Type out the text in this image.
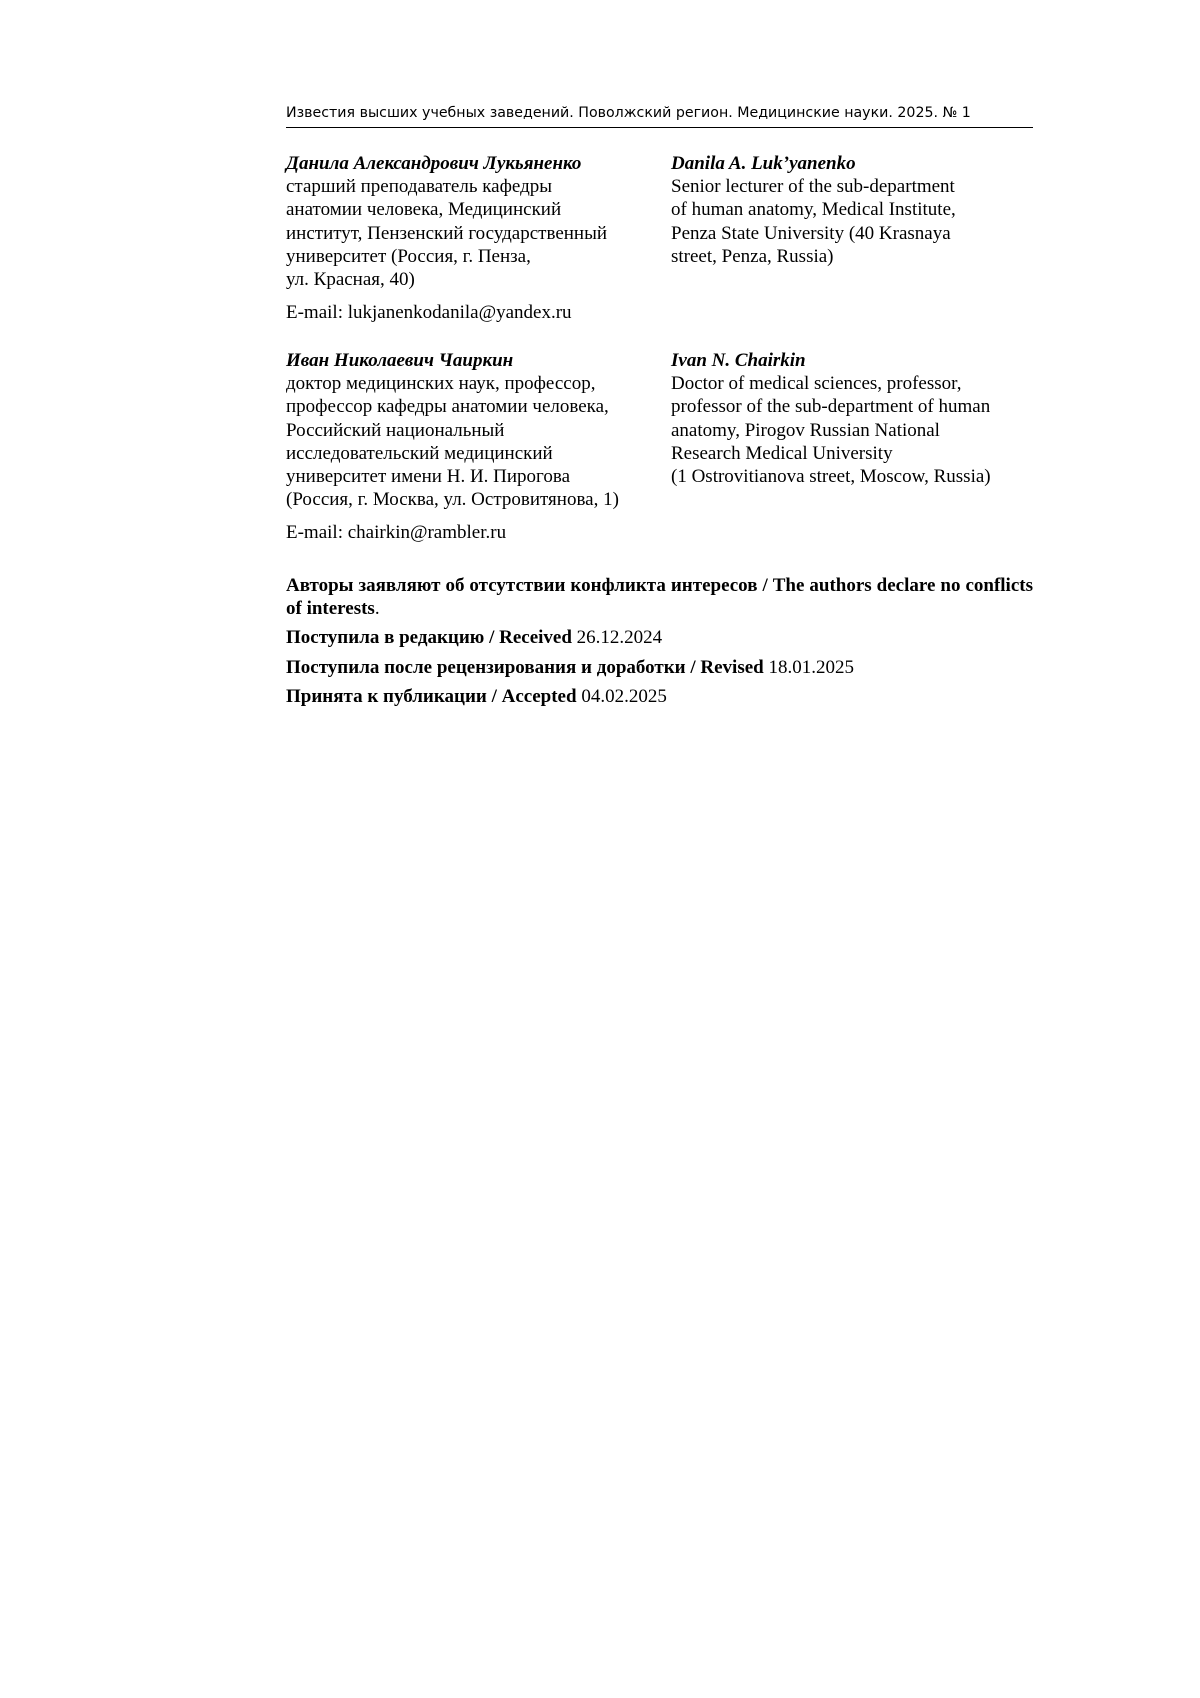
Известия высших учебных заведений. Поволжский регион. Медицинские науки. 2025. № 1
Данила Александрович Лукьяненко
старший преподаватель кафедры
анатомии человека, Медицинский
институт, Пензенский государственный
университет (Россия, г. Пенза,
ул. Красная, 40)
E-mail: lukjanenkodanila@yandex.ru
Danila A. Luk’yanenko
Senior lecturer of the sub-department
of human anatomy, Medical Institute,
Penza State University (40 Krasnaya
street, Penza, Russia)
Иван Николаевич Чаиркин
доктор медицинских наук, профессор,
профессор кафедры анатомии человека,
Российский национальный
исследовательский медицинский
университет имени Н. И. Пирогова
(Россия, г. Москва, ул. Островитянова, 1)
E-mail: chairkin@rambler.ru
Ivan N. Chairkin
Doctor of medical sciences, professor,
professor of the sub-department of human
anatomy, Pirogov Russian National
Research Medical University
(1 Ostrovitianova street, Moscow, Russia)

Авторы заявляют об отсутствии конфликта интересов / The authors declare no conflicts of interests.

Поступила в редакцию / Received 26.12.2024

Поступила после рецензирования и доработки / Revised 18.01.2025

Принята к публикации / Accepted 04.02.2025
